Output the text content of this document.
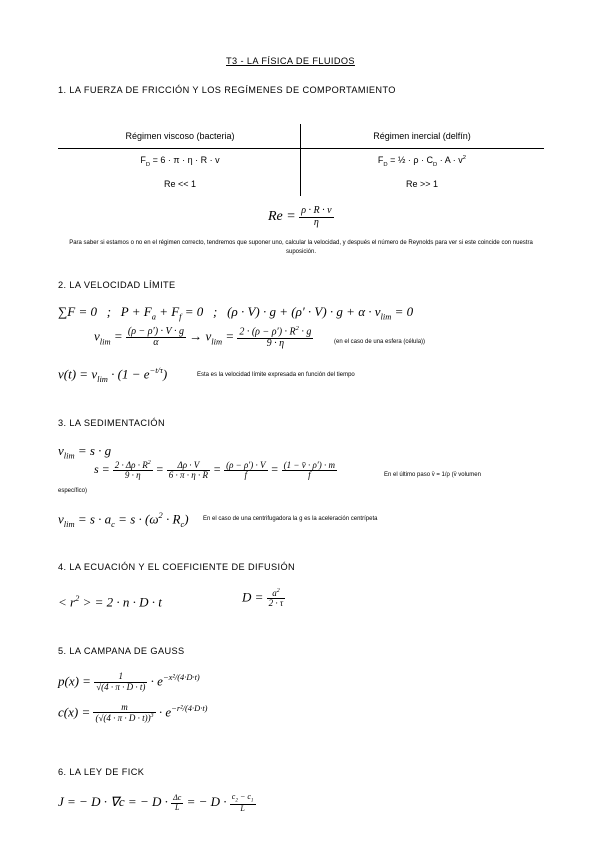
T3 - LA FÍSICA DE FLUIDOS
1. LA FUERZA DE FRICCIÓN Y LOS REGÍMENES DE COMPORTAMIENTO
Régimen viscoso (bacteria)	Régimen inercial (delfín)
$F_D = 6 \cdot \pi \cdot \eta \cdot R \cdot v$	$F_D$ = ½ · $\rho \cdot C_D \cdot A \cdot v^2$
Re << 1	Re >> 1
$Re = \frac{\rho \cdot R \cdot v}{\eta}$
Para saber si estamos o no en el régimen correcto, tendremos que suponer uno, calcular la velocidad, y después el número de Reynolds para ver si este coincide con nuestra suposición.
2. LA VELOCIDAD LÍMITE
∑F = 0   ;   $P + F_a + F_f = 0$   ;   $(\rho \cdot V) \cdot g + (\rho' \cdot V) \cdot g + \alpha \cdot v_{lim} = 0$
$v_{lim} = \frac{(\rho - \rho') \cdot V \cdot g}{\alpha} \to v_{lim} = \frac{2 \cdot (\rho - \rho') \cdot R^2 \cdot g}{9 \cdot \eta}$	(en el caso de una esfera (célula))
$v(t) = v_{lim} \cdot (1 - e^{-t/\tau})$	Esta es la velocidad límite expresada en función del tiempo
3. LA SEDIMENTACIÓN
$v_{lim} = s \cdot g$
$s = \frac{2 \cdot \Delta\rho \cdot R^2}{9 \cdot \eta} = \frac{\Delta\rho \cdot V}{6 \cdot \pi \cdot \eta \cdot R} = \frac{(\rho - \rho') \cdot V}{f} = \frac{(1 - v̄ \cdot \rho') \cdot m}{f}$	En el último paso v̄ = 1/ρ (v̄ volumen
específico)
$v_{lim} = s \cdot a_c = s \cdot (\omega^2 \cdot R_c)$ En el caso de una centrifugadora la g es la aceleración centrípeta
4. LA ECUACIÓN Y EL COEFICIENTE DE DIFUSIÓN
< $r^2$ > = 2 · n · D · t	$D = \frac{a^2}{2 \cdot \tau}$
5. LA CAMPANA DE GAUSS
$p(x) = \frac{1}{√(4 \cdot \pi \cdot D \cdot t)} \cdot e^{-x^2/(4\cdot D\cdot t)}$
$c(x) = \frac{m}{(√(4 \cdot \pi \cdot D \cdot t))^3} \cdot e^{-r^2/(4\cdot D\cdot t)}$
6. LA LEY DE FICK
J = − D · ∇c = − $D \cdot \frac{\Delta c}{L}$ = − $D \cdot \frac{c_2 - c_1}{L}$
